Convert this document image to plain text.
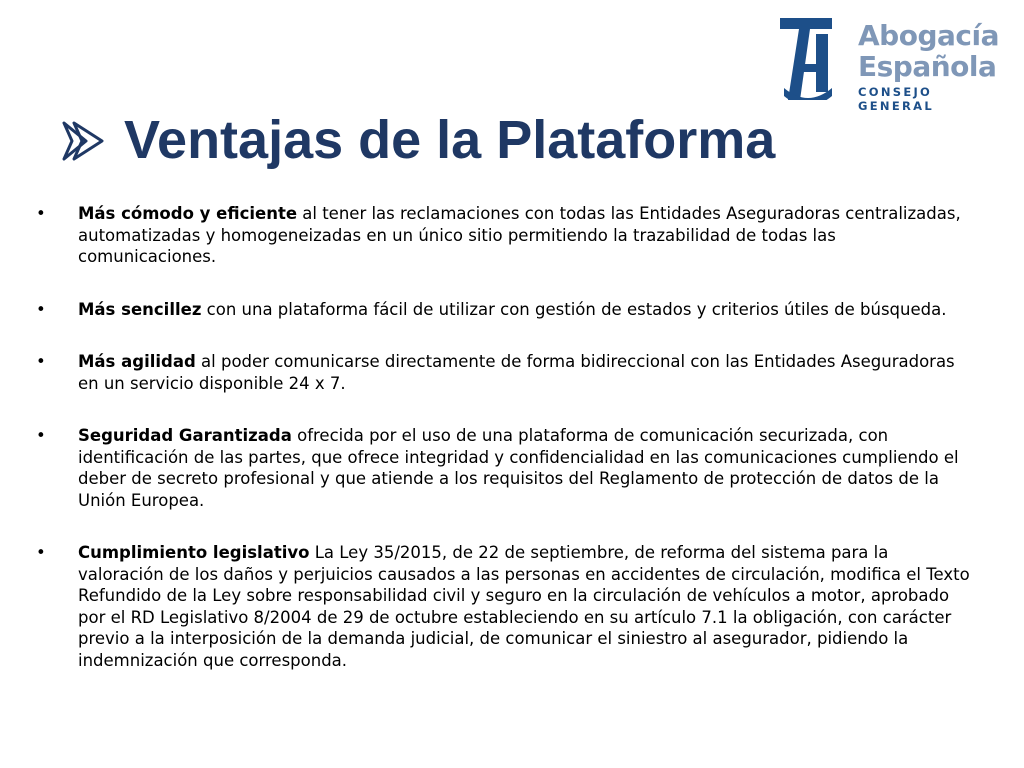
Abogacía
Española
CONSEJO GENERAL
Ventajas de la Plataforma
• Más cómodo y eficiente al tener las reclamaciones con todas las Entidades Aseguradoras centralizadas, automatizadas y homogeneizadas en un único sitio permitiendo la trazabilidad de todas las comunicaciones.
• Más sencillez con una plataforma fácil de utilizar con gestión de estados y criterios útiles de búsqueda.
• Más agilidad al poder comunicarse directamente de forma bidireccional con las Entidades Aseguradoras en un servicio disponible 24 x 7.
• Seguridad Garantizada ofrecida por el uso de una plataforma de comunicación securizada, con identificación de las partes, que ofrece integridad y confidencialidad en las comunicaciones cumpliendo el deber de secreto profesional y que atiende a los requisitos del Reglamento de protección de datos de la Unión Europea.
• Cumplimiento legislativo La Ley 35/2015, de 22 de septiembre, de reforma del sistema para la valoración de los daños y perjuicios causados a las personas en accidentes de circulación, modifica el Texto Refundido de la Ley sobre responsabilidad civil y seguro en la circulación de vehículos a motor, aprobado por el RD Legislativo 8/2004 de 29 de octubre estableciendo en su artículo 7.1 la obligación, con carácter previo a la interposición de la demanda judicial, de comunicar el siniestro al asegurador, pidiendo la indemnización que corresponda.
